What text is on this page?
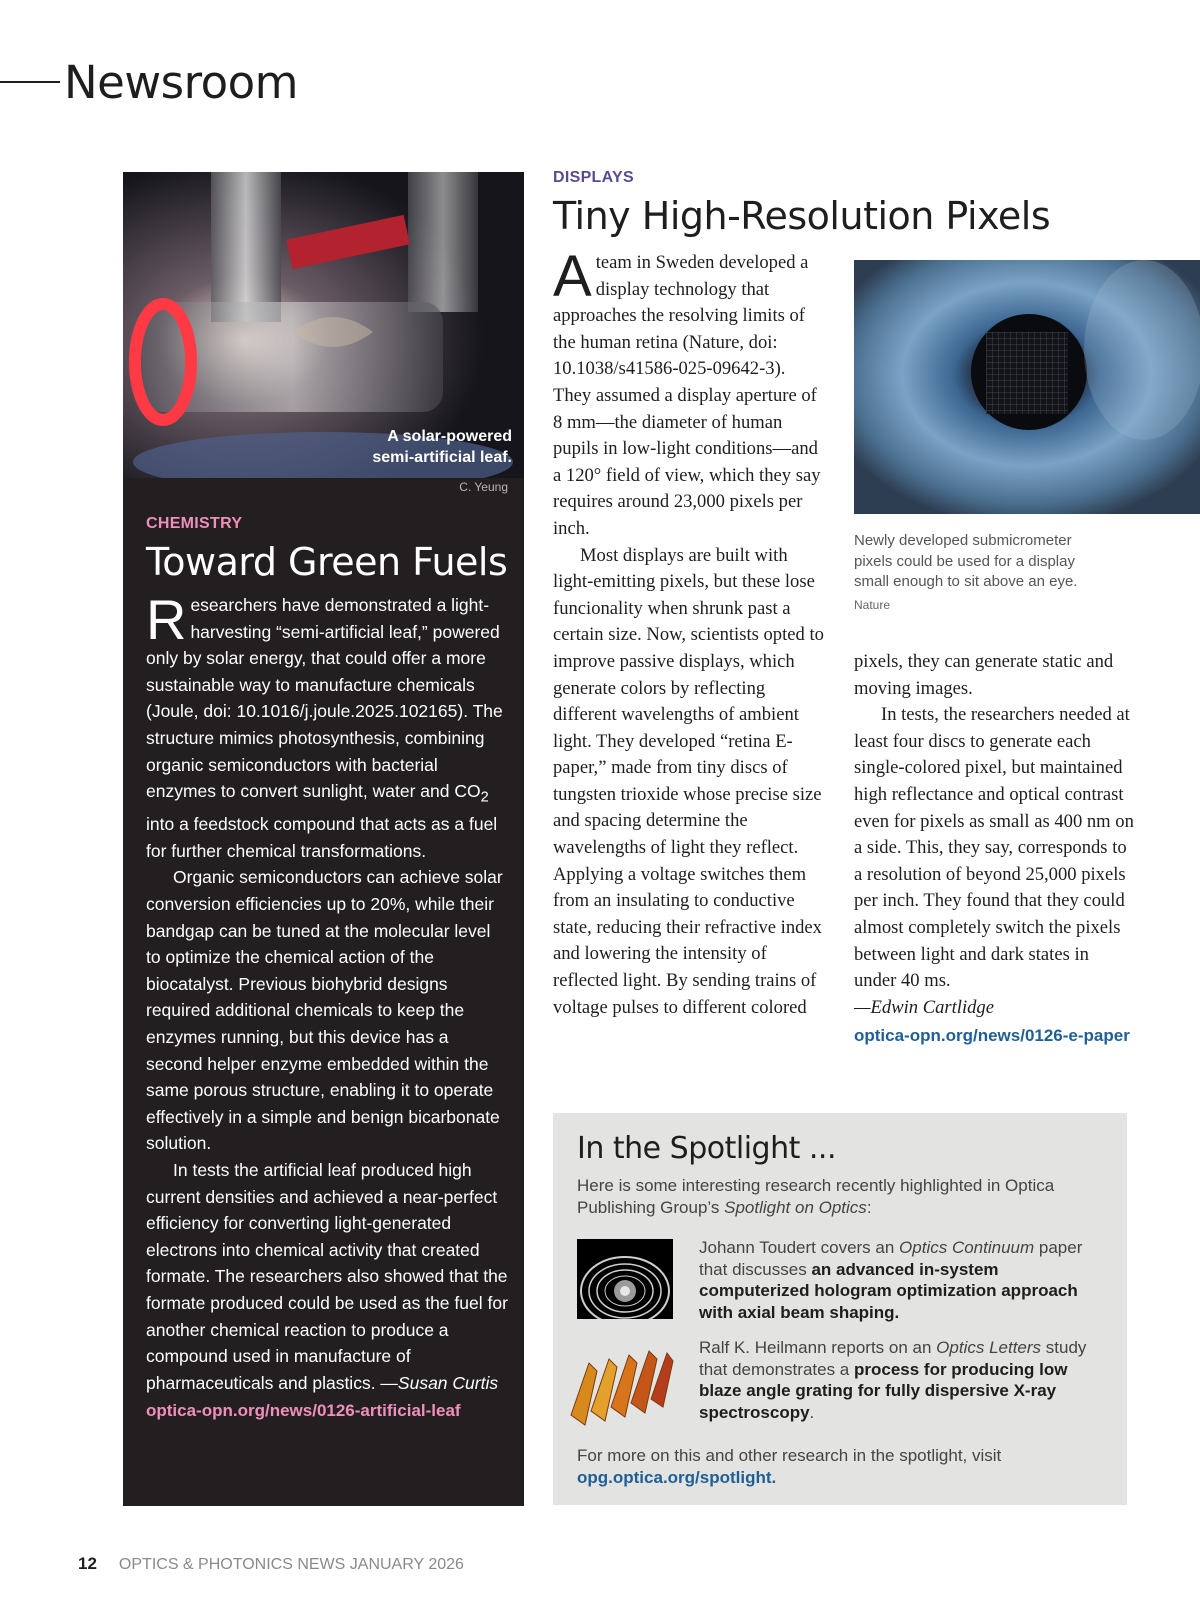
Newsroom
A solar-powered
semi-artificial leaf.
C. Yeung
CHEMISTRY
Toward Green Fuels

Researchers have demonstrated a light-harvesting “semi-artificial leaf,” powered only by solar energy, that could offer a more sustainable way to manufacture chemicals (Joule, doi: 10.1016/j.joule.2025.102165). The structure mimics photosynthesis, combining organic semiconductors with bacterial enzymes to convert sunlight, water and $CO_2$ into a feedstock compound that acts as a fuel for further chemical transformations.

Organic semiconductors can achieve solar conversion efficiencies up to 20%, while their bandgap can be tuned at the molecular level to optimize the chemical action of the biocatalyst. Previous biohybrid designs required additional chemicals to keep the enzymes running, but this device has a second helper enzyme embedded within the same porous structure, enabling it to operate effectively in a simple and benign bicarbonate solution.

In tests the artificial leaf produced high current densities and achieved a near-perfect efficiency for converting light-generated electrons into chemical activity that created formate. The researchers also showed that the formate produced could be used as the fuel for another chemical reaction to produce a compound used in manufacture of pharmaceuticals and plastics. —Susan Curtis

optica-opn.org/news/0126-artificial-leaf
DISPLAYS
Tiny High-Resolution Pixels

A team in Sweden developed a display technology that approaches the resolving limits of the human retina (Nature, doi: 10.1038/s41586-025-09642-3). They assumed a display aperture of 8 mm—the diameter of human pupils in low-light conditions—and a 120° field of view, which they say requires around 23,000 pixels per inch.

Most displays are built with light-emitting pixels, but these lose funcionality when shrunk past a certain size. Now, scientists opted to improve passive displays, which generate colors by reflecting different wavelengths of ambient light. They developed “retina E-paper,” made from tiny discs of tungsten trioxide whose precise size and spacing determine the wavelengths of light they reflect. Applying a voltage switches them from an insulating to conductive state, reducing their refractive index and lowering the intensity of reflected light. By sending trains of voltage pulses to different colored

Newly developed submicrometer pixels could be used for a display small enough to sit above an eye.
Nature

pixels, they can generate static and moving images.

In tests, the researchers needed at least four discs to generate each single-colored pixel, but maintained high reflectance and optical contrast even for pixels as small as 400 nm on a side. This, they say, corresponds to a resolution of beyond 25,000 pixels per inch. They found that they could almost completely switch the pixels between light and dark states in under 40 ms.

—Edwin Cartlidge

optica-opn.org/news/0126-e-paper
In the Spotlight ...
Here is some interesting research recently highlighted in Optica Publishing Group’s Spotlight on Optics:
Johann Toudert covers an Optics Continuum paper that discusses an advanced in-system computerized hologram optimization approach with axial beam shaping.
Ralf K. Heilmann reports on an Optics Letters study that demonstrates a process for producing low blaze angle grating for fully dispersive X-ray spectroscopy.
For more on this and other research in the spotlight, visit
opg.optica.org/spotlight.
12 OPTICS & PHOTONICS NEWS JANUARY 2026
